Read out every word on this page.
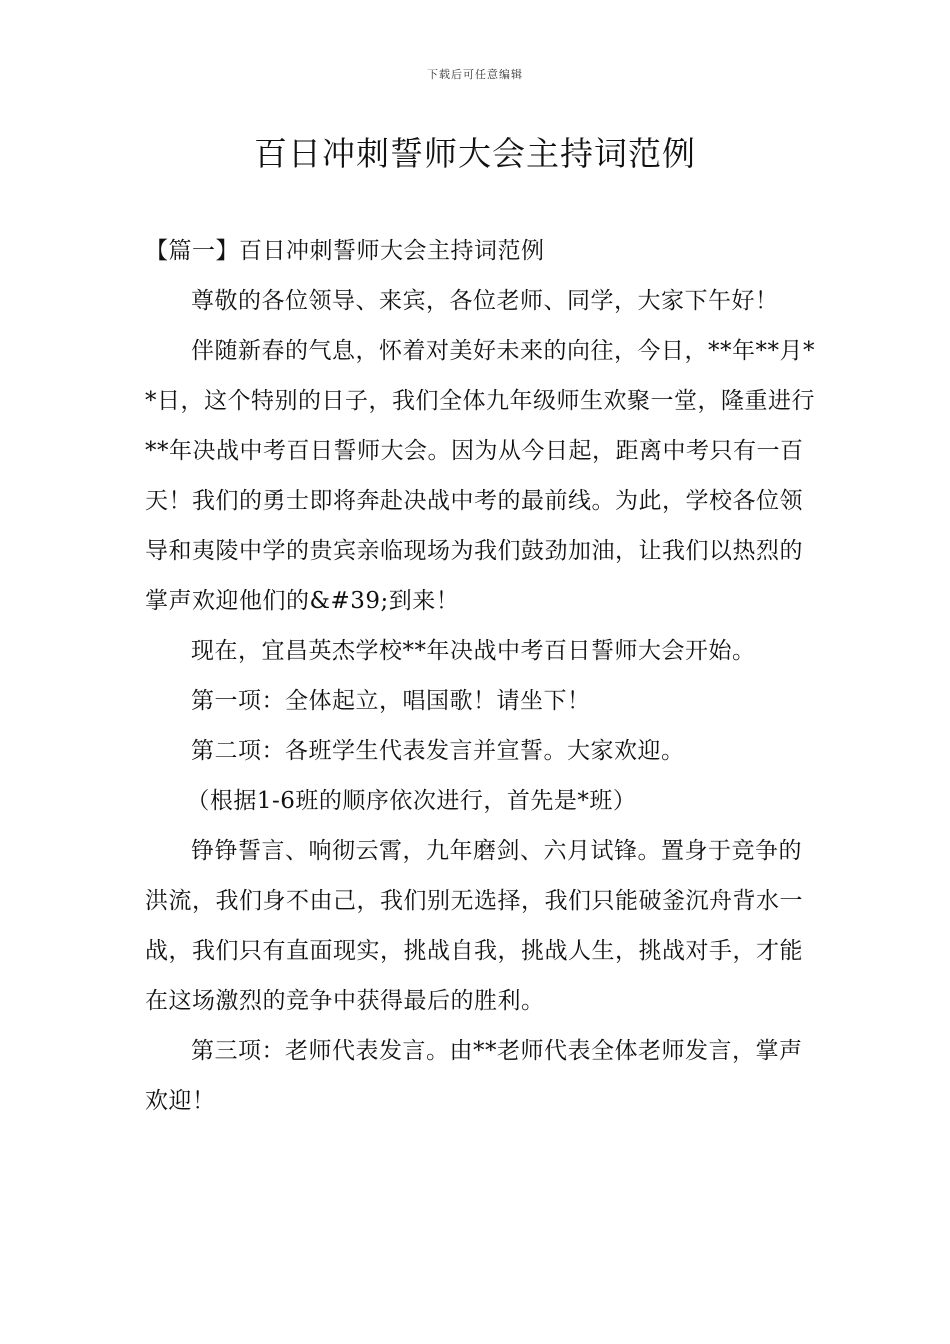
下载后可任意编辑
百日冲刺誓师大会主持词范例

【篇一】百日冲刺誓师大会主持词范例

尊敬的各位领导、来宾，各位老师、同学，大家下午好！

伴随新春的气息，怀着对美好未来的向往，今日，**年**月**日，这个特别的日子，我们全体九年级师生欢聚一堂，隆重进行**年决战中考百日誓师大会。因为从今日起，距离中考只有一百天！我们的勇士即将奔赴决战中考的最前线。为此，学校各位领导和夷陵中学的贵宾亲临现场为我们鼓劲加油，让我们以热烈的掌声欢迎他们的&#39;到来！

现在，宜昌英杰学校**年决战中考百日誓师大会开始。

第一项：全体起立，唱国歌！请坐下！

第二项：各班学生代表发言并宣誓。大家欢迎。

（根据1-6班的顺序依次进行，首先是*班）

铮铮誓言、响彻云霄，九年磨剑、六月试锋。置身于竞争的洪流，我们身不由己，我们别无选择，我们只能破釜沉舟背水一战，我们只有直面现实，挑战自我，挑战人生，挑战对手，才能在这场激烈的竞争中获得最后的胜利。

第三项：老师代表发言。由**老师代表全体老师发言，掌声欢迎！
